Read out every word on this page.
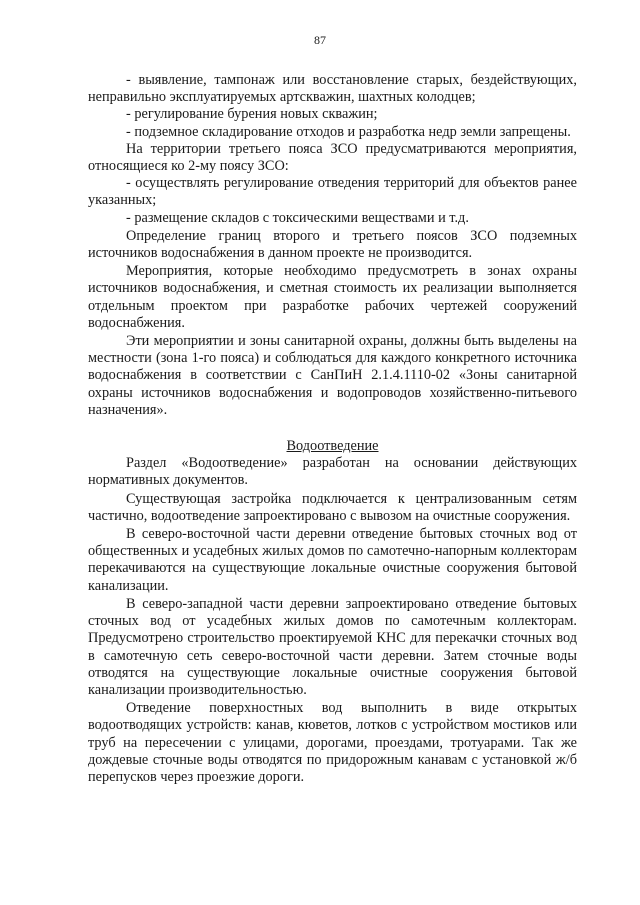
87

- выявление, тампонаж или восстановление старых, бездействующих, неправильно эксплуатируемых артскважин, шахтных колодцев;

- регулирование бурения новых скважин;

- подземное складирование отходов и разработка недр земли запрещены.

На территории третьего пояса ЗСО предусматриваются мероприятия, относящиеся ко 2-му поясу ЗСО:

- осуществлять регулирование отведения территорий для объектов ранее указанных;

- размещение складов с токсическими веществами и т.д.

Определение границ второго и третьего поясов ЗСО подземных источников водоснабжения в данном проекте не производится.

Мероприятия, которые необходимо предусмотреть в зонах охраны источников водоснабжения, и сметная стоимость их реализации выполняется отдельным проектом при разработке рабочих чертежей сооружений водоснабжения.

Эти мероприятии и зоны санитарной охраны, должны быть выделены на местности (зона 1-го пояса) и соблюдаться для каждого конкретного источника водоснабжения в соответствии с СанПиН 2.1.4.1110-02 «Зоны санитарной охраны источников водоснабжения и водопроводов хозяйственно-питьевого назначения».

Водоотведение

Раздел «Водоотведение» разработан на основании действующих нормативных документов.

Существующая застройка подключается к централизованным сетям частично, водоотведение запроектировано с вывозом на очистные сооружения.

В северо-восточной части деревни отведение бытовых сточных вод от общественных и усадебных жилых домов по самотечно-напорным коллекторам перекачиваются на существующие локальные очистные сооружения бытовой канализации.

В северо-западной части деревни запроектировано отведение бытовых сточных вод от усадебных жилых домов по самотечным коллекторам. Предусмотрено строительство проектируемой КНС для перекачки сточных вод в самотечную сеть северо-восточной части деревни. Затем сточные воды отводятся на существующие локальные очистные сооружения бытовой канализации производительностью.

Отведение поверхностных вод выполнить в виде открытых водоотводящих устройств: канав, кюветов, лотков с устройством мостиков или труб на пересечении с улицами, дорогами, проездами, тротуарами. Так же дождевые сточные воды отводятся по придорожным канавам с установкой ж/б перепусков через проезжие дороги.
